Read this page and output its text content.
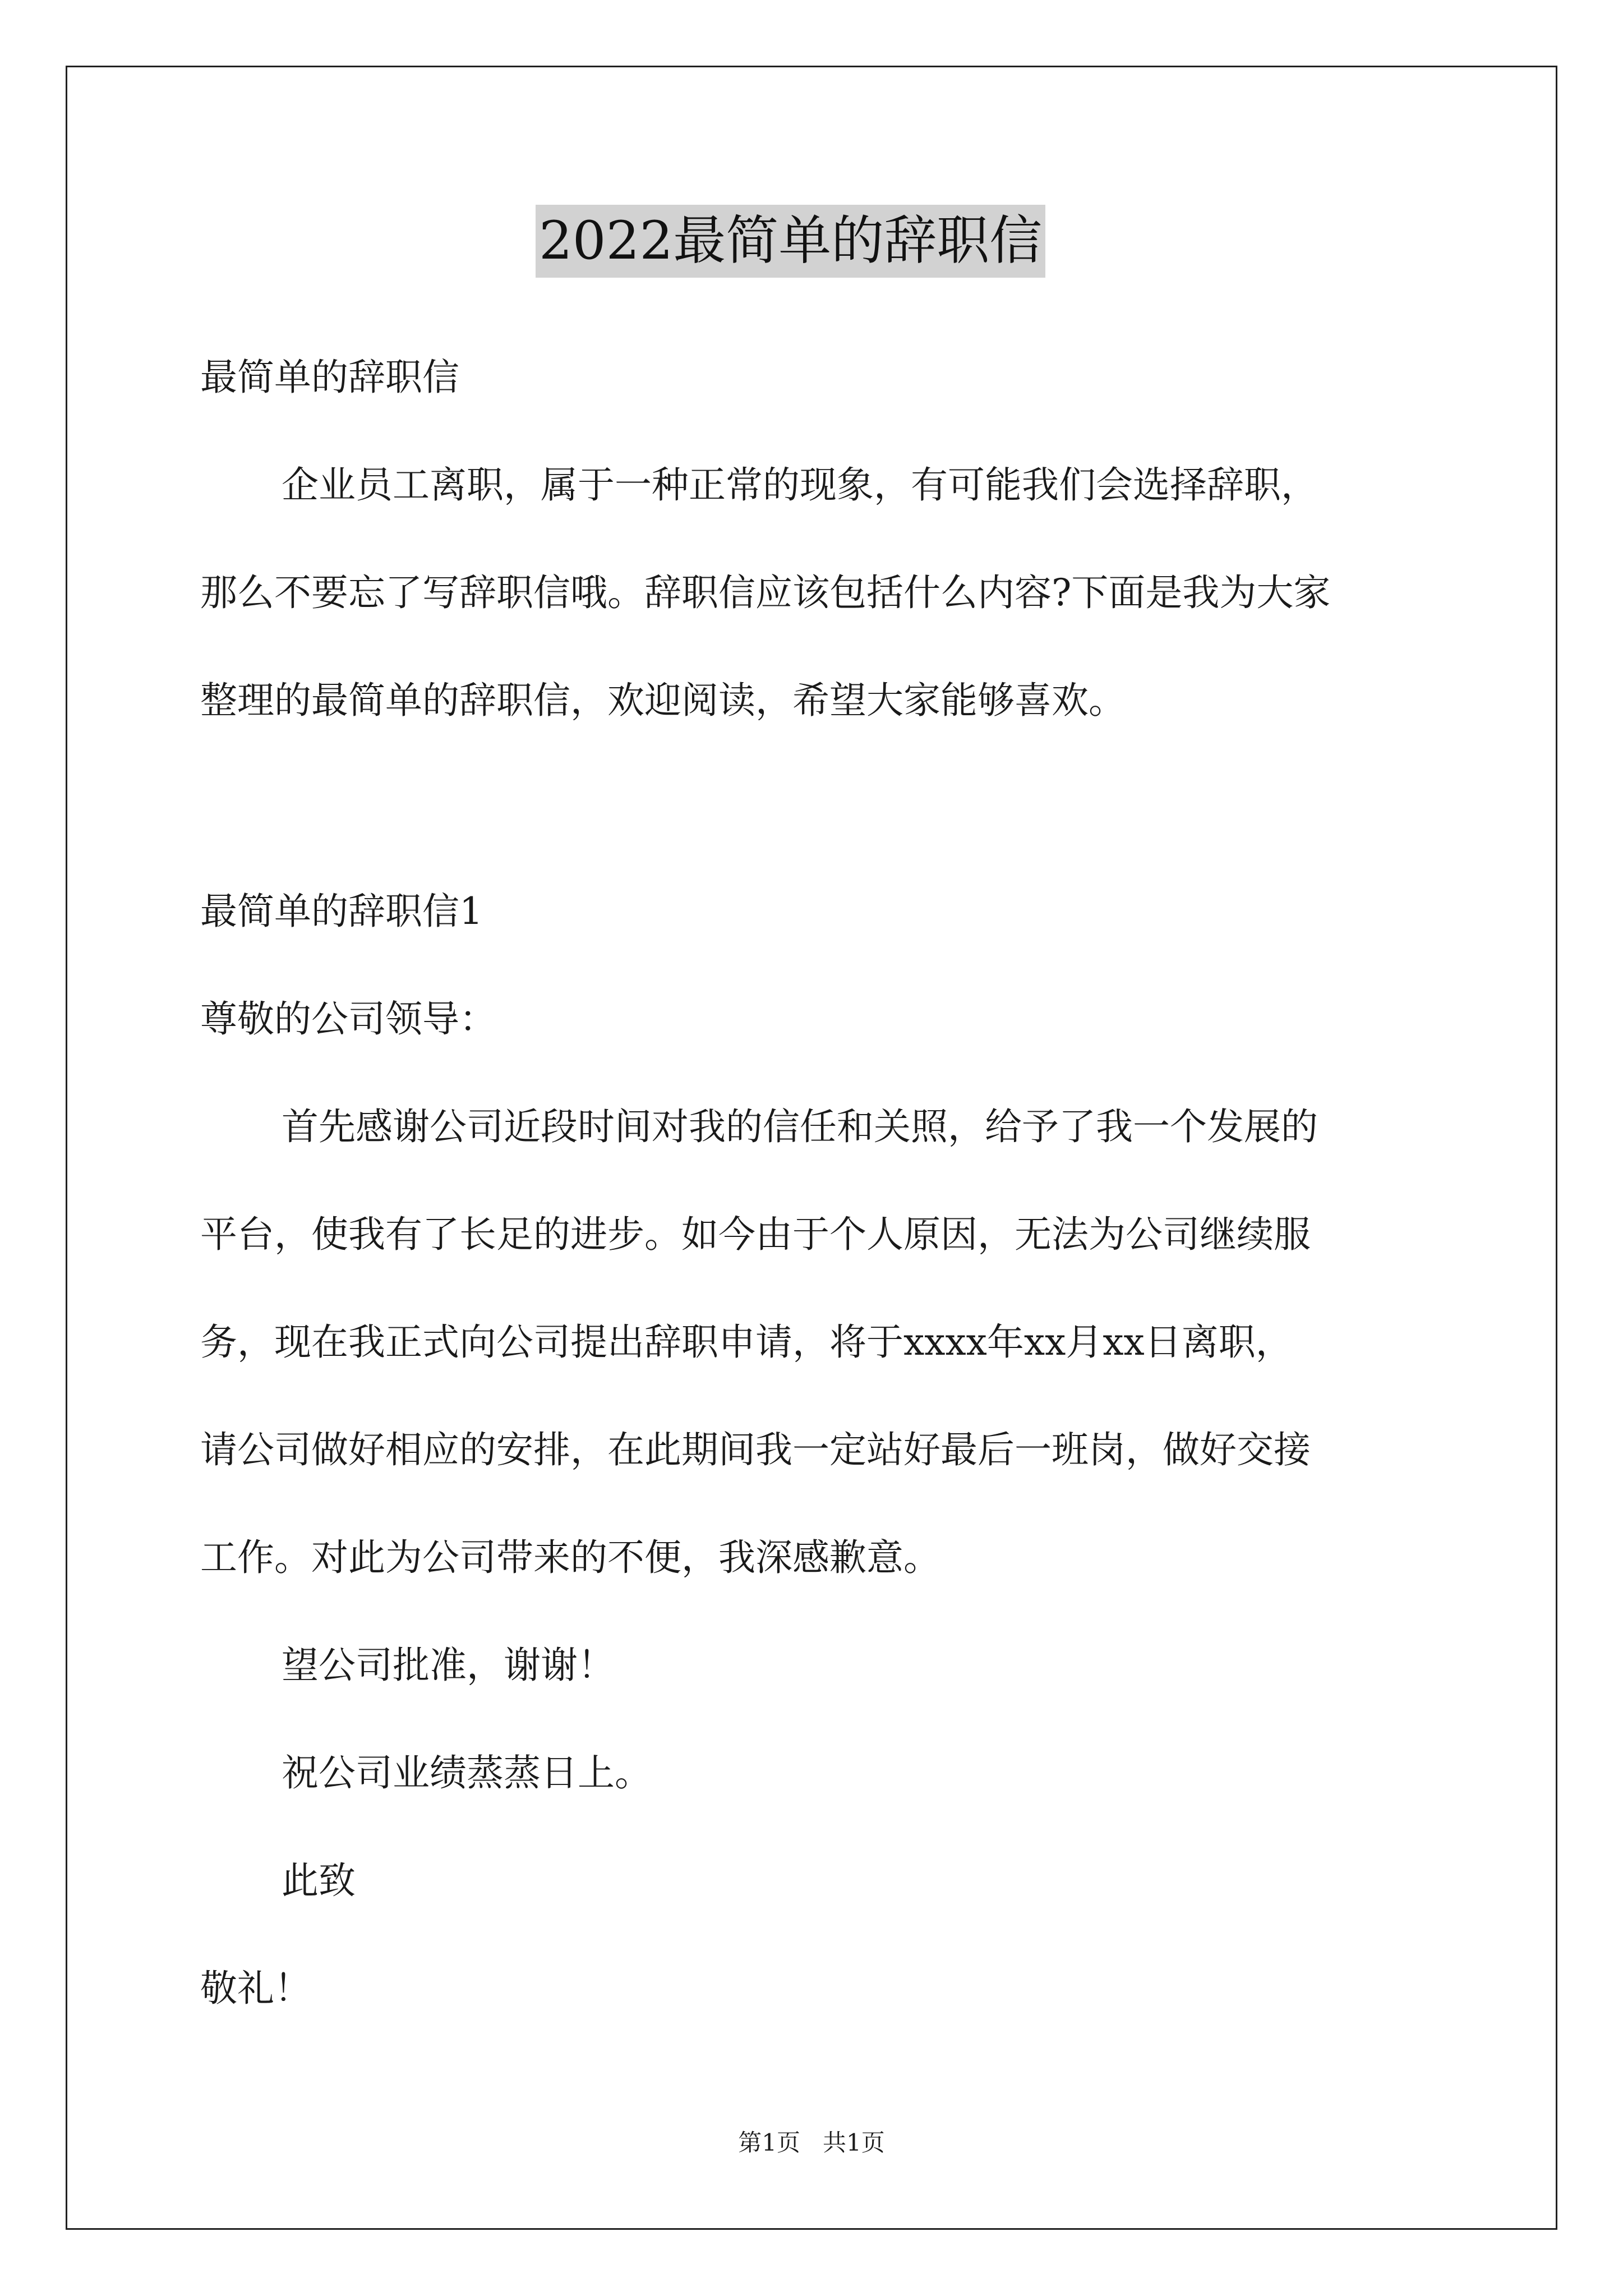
2022最简单的辞职信
最简单的辞职信
企业员工离职，属于一种正常的现象，有可能我们会选择辞职，
那么不要忘了写辞职信哦。辞职信应该包括什么内容?下面是我为大家
整理的最简单的辞职信，欢迎阅读，希望大家能够喜欢。
最简单的辞职信1
尊敬的公司领导：
首先感谢公司近段时间对我的信任和关照，给予了我一个发展的
平台，使我有了长足的进步。如今由于个人原因，无法为公司继续服
务，现在我正式向公司提出辞职申请，将于xxxx年xx月xx日离职，
请公司做好相应的安排，在此期间我一定站好最后一班岗，做好交接
工作。对此为公司带来的不便，我深感歉意。
望公司批准，谢谢！
祝公司业绩蒸蒸日上。
此致
敬礼！
第1页   共1页
